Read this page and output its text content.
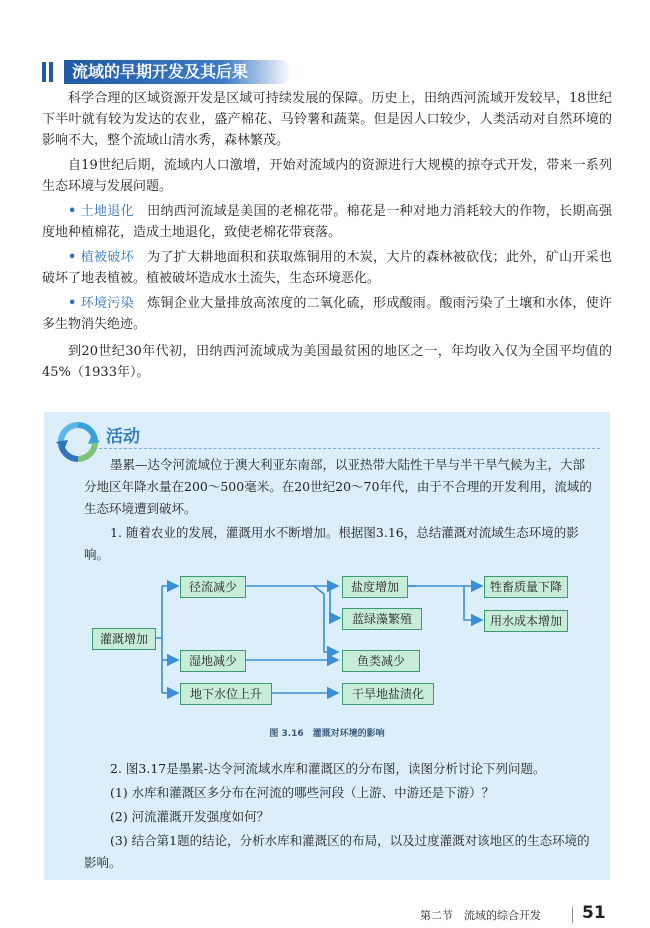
流域的早期开发及其后果

科学合理的区域资源开发是区域可持续发展的保障。历史上，田纳西河流域开发较早，18世纪下半叶就有较为发达的农业，盛产棉花、马铃薯和蔬菜。但是因人口较少，人类活动对自然环境的影响不大，整个流域山清水秀，森林繁茂。

自19世纪后期，流域内人口激增，开始对流域内的资源进行大规模的掠夺式开发，带来一系列生态环境与发展问题。

• 土地退化 田纳西河流域是美国的老棉花带。棉花是一种对地力消耗较大的作物，长期高强度地种植棉花，造成土地退化，致使老棉花带衰落。

• 植被破坏 为了扩大耕地面积和获取炼铜用的木炭，大片的森林被砍伐；此外，矿山开采也破坏了地表植被。植被破坏造成水土流失，生态环境恶化。

• 环境污染 炼铜企业大量排放高浓度的二氧化硫，形成酸雨。酸雨污染了土壤和水体，使许多生物消失绝迹。

到20世纪30年代初，田纳西河流域成为美国最贫困的地区之一，年均收入仅为全国平均值的45%（1933年）。

活动

墨累—达令河流域位于澳大利亚东南部，以亚热带大陆性干旱与半干旱气候为主，大部分地区年降水量在200～500毫米。在20世纪20～70年代，由于不合理的开发利用，流域的生态环境遭到破坏。

1. 随着农业的发展，灌溉用水不断增加。根据图3.16，总结灌溉对流域生态环境的影响。

灌溉增加
径流减少
湿地减少
地下水位上升
盐度增加
蓝绿藻繁殖
鱼类减少
干旱地盐渍化
牲畜质量下降
用水成本增加
图 3.16　灌溉对环境的影响

2. 图3.17是墨累-达令河流域水库和灌溉区的分布图，读图分析讨论下列问题。

(1) 水库和灌溉区多分布在河流的哪些河段（上游、中游还是下游）？

(2) 河流灌溉开发强度如何？

(3) 结合第1题的结论，分析水库和灌溉区的布局，以及过度灌溉对该地区的生态环境的影响。

第二节　流域的综合开发 51
